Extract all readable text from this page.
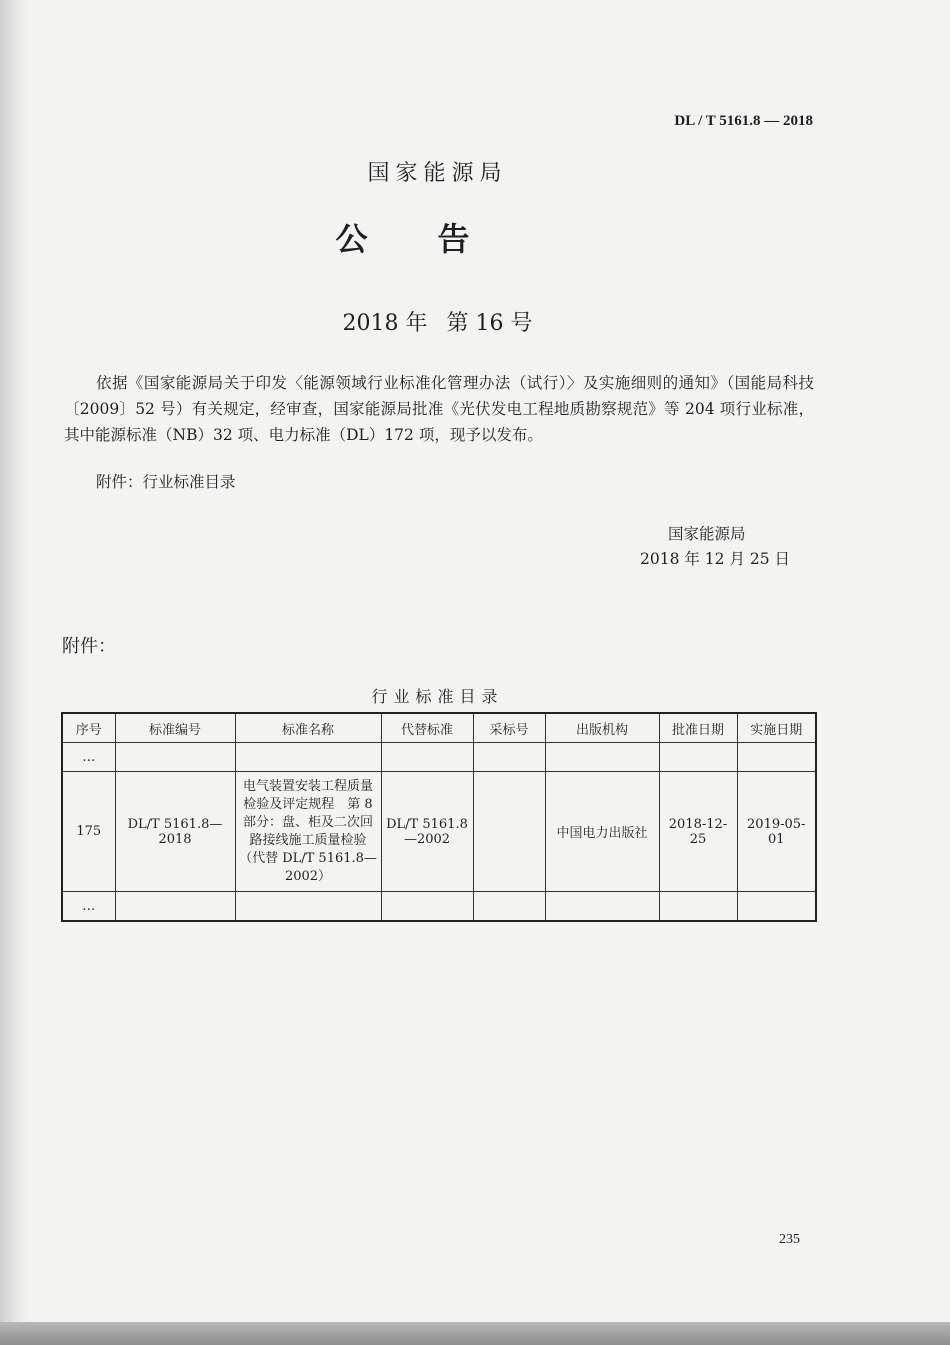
DL / T 5161.8 — 2018
国家能源局
公告
2018 年 第 16 号
依据《国家能源局关于印发〈能源领域行业标准化管理办法（试行）〉及实施细则的通知》（国能局科技〔2009〕52 号）有关规定，经审查，国家能源局批准《光伏发电工程地质勘察规范》等 204 项行业标准，其中能源标准（NB）32 项、电力标准（DL）172 项，现予以发布。
附件：行业标准目录
国家能源局
2018 年 12 月 25 日
附件：
行业标准目录
序号	标准编号	标准名称	代替标准	采标号	出版机构	批准日期	实施日期
…							
175	DL/T 5161.8—2018	电气装置安装工程质量检验及评定规程　第 8 部分：盘、柜及二次回路接线施工质量检验（代替 DL/T 5161.8—2002）	DL/T 5161.8—2002		中国电力出版社	2018-12-25	2019-05-01
…							
235
